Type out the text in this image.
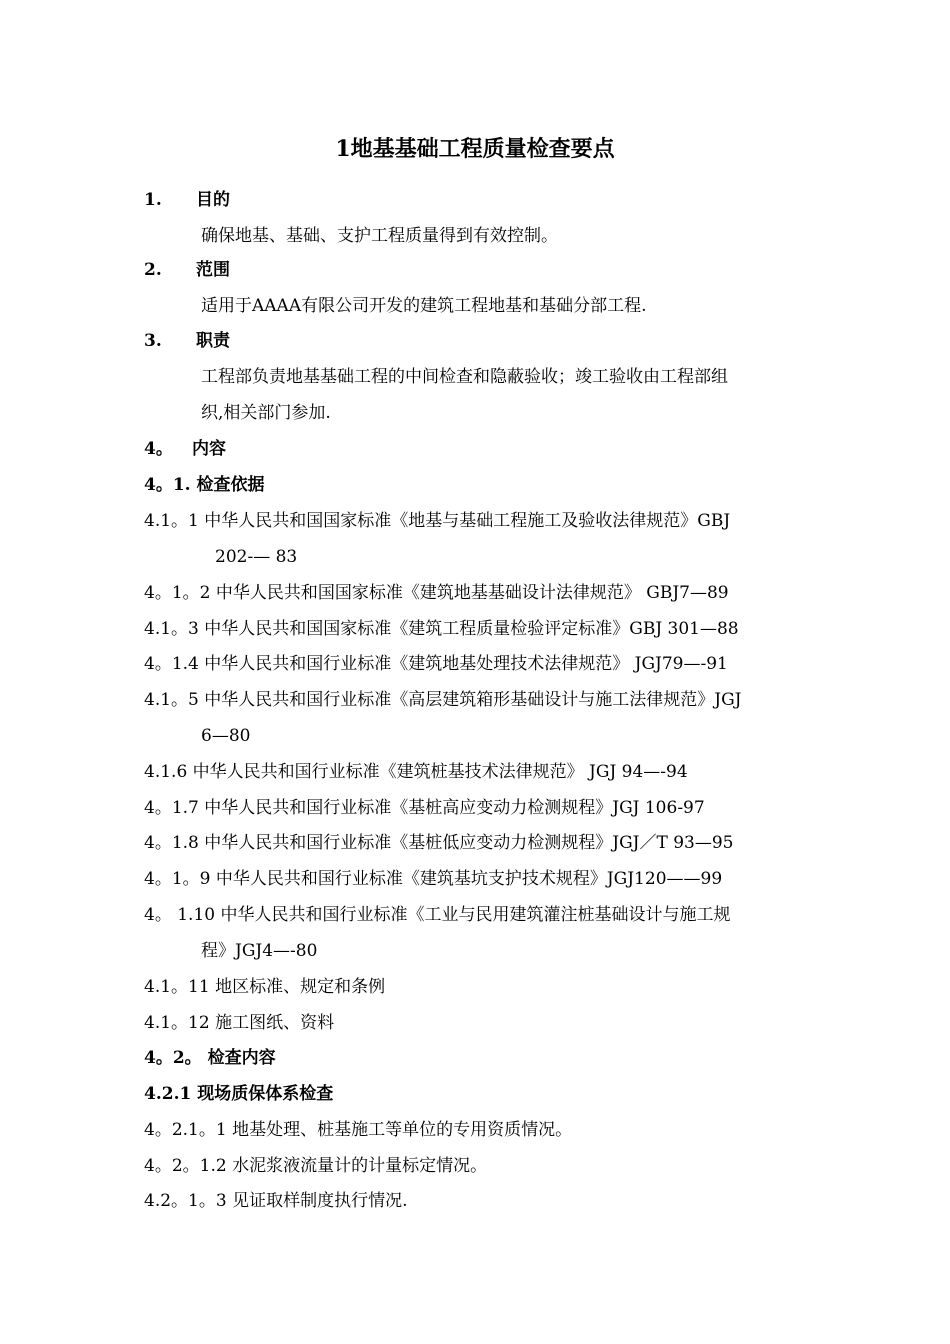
1地基基础工程质量检查要点
1. 目的
确保地基、基础、支护工程质量得到有效控制。
2. 范围
适用于AAAA有限公司开发的建筑工程地基和基础分部工程.
3. 职责
工程部负责地基基础工程的中间检查和隐蔽验收；竣工验收由工程部组
织,相关部门参加.
4。 内容
4。1. 检查依据
4.1。1 中华人民共和国国家标准《地基与基础工程施工及验收法律规范》GBJ
202-— 83
4。1。2 中华人民共和国国家标准《建筑地基基础设计法律规范》 GBJ7—89
4.1。3 中华人民共和国国家标准《建筑工程质量检验评定标准》GBJ 301—88
4。1.4 中华人民共和国行业标准《建筑地基处理技术法律规范》 JGJ79—-91
4.1。5 中华人民共和国行业标准《高层建筑箱形基础设计与施工法律规范》JGJ
6—80
4.1.6 中华人民共和国行业标准《建筑桩基技术法律规范》 JGJ 94—-94
4。1.7 中华人民共和国行业标准《基桩高应变动力检测规程》JGJ 106-97
4。1.8 中华人民共和国行业标准《基桩低应变动力检测规程》JGJ／T 93—95
4。1。9 中华人民共和国行业标准《建筑基坑支护技术规程》JGJ120——99
4。 1.10 中华人民共和国行业标准《工业与民用建筑灌注桩基础设计与施工规
程》JGJ4—-80
4.1。11 地区标准、规定和条例
4.1。12 施工图纸、资料
4。2。 检查内容
4.2.1 现场质保体系检查
4。2.1。1 地基处理、桩基施工等单位的专用资质情况。
4。2。1.2 水泥浆液流量计的计量标定情况。
4.2。1。3 见证取样制度执行情况.
